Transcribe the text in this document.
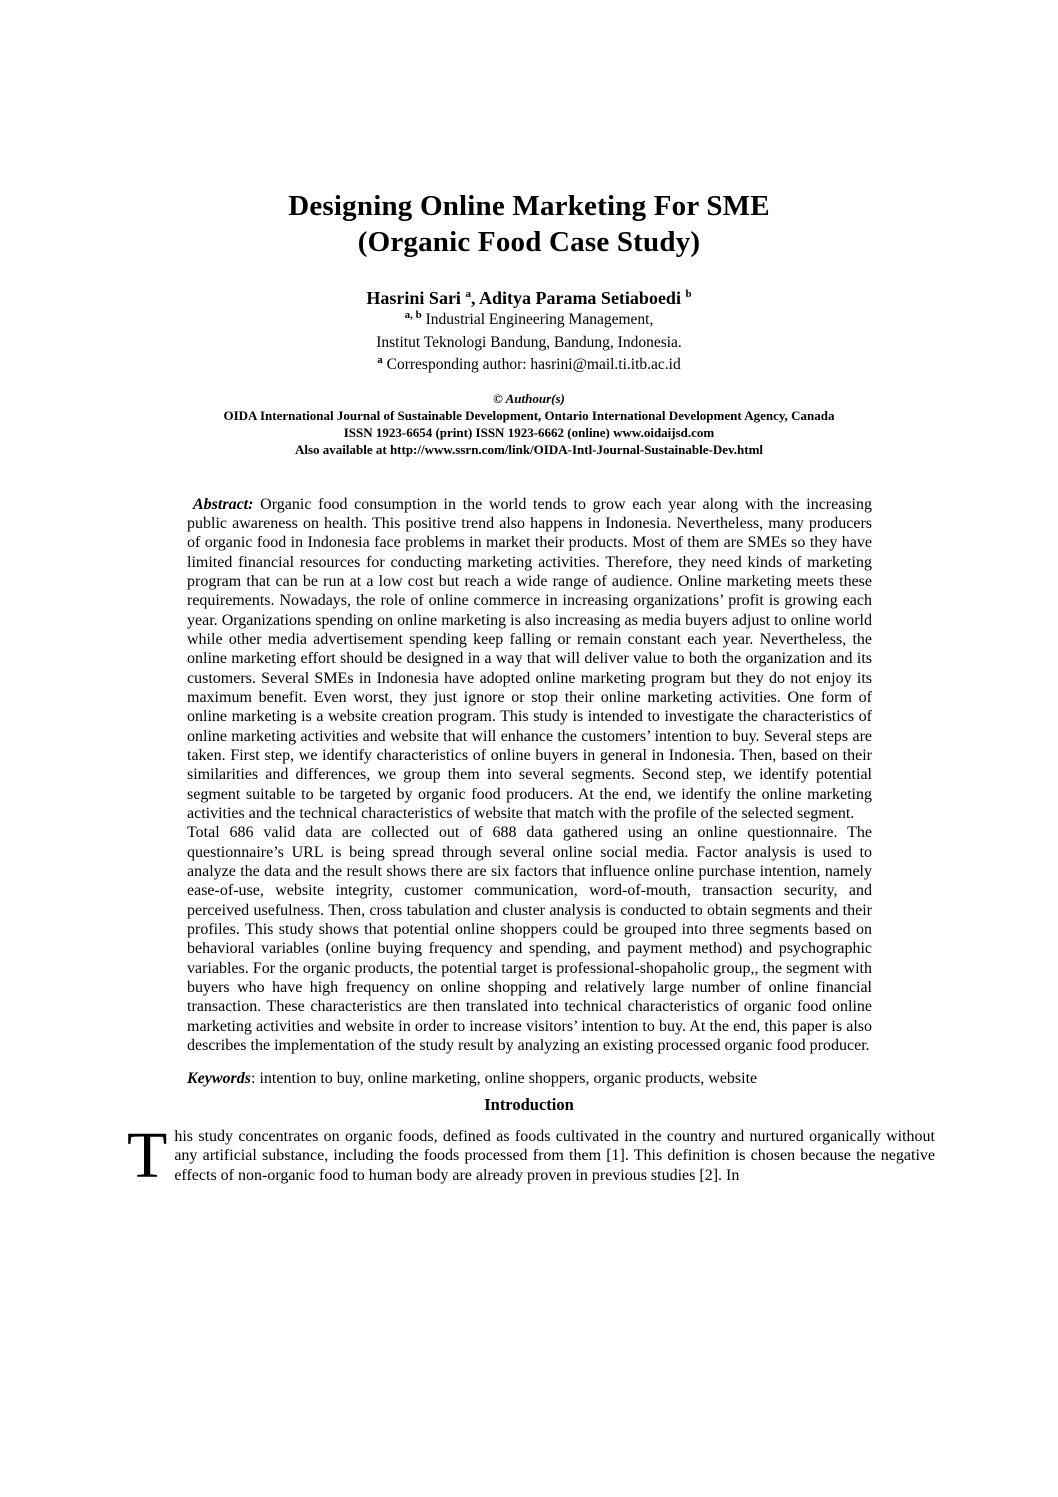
Designing Online Marketing For SME
(Organic Food Case Study)
Hasrini Sari $^a$, Aditya Parama Setiaboedi $^b$
$^{a, b}$ Industrial Engineering Management,
Institut Teknologi Bandung, Bandung, Indonesia.
$^a$ Corresponding author: hasrini@mail.ti.itb.ac.id
© Authour(s)
OIDA International Journal of Sustainable Development, Ontario International Development Agency, Canada
ISSN 1923-6654 (print) ISSN 1923-6662 (online) www.oidaijsd.com
Also available at http://www.ssrn.com/link/OIDA-Intl-Journal-Sustainable-Dev.html

Abstract: Organic food consumption in the world tends to grow each year along with the increasing public awareness on health. This positive trend also happens in Indonesia. Nevertheless, many producers of organic food in Indonesia face problems in market their products. Most of them are SMEs so they have limited financial resources for conducting marketing activities. Therefore, they need kinds of marketing program that can be run at a low cost but reach a wide range of audience. Online marketing meets these requirements. Nowadays, the role of online commerce in increasing organizations’ profit is growing each year. Organizations spending on online marketing is also increasing as media buyers adjust to online world while other media advertisement spending keep falling or remain constant each year. Nevertheless, the online marketing effort should be designed in a way that will deliver value to both the organization and its customers. Several SMEs in Indonesia have adopted online marketing program but they do not enjoy its maximum benefit. Even worst, they just ignore or stop their online marketing activities. One form of online marketing is a website creation program. This study is intended to investigate the characteristics of online marketing activities and website that will enhance the customers’ intention to buy. Several steps are taken. First step, we identify characteristics of online buyers in general in Indonesia. Then, based on their similarities and differences, we group them into several segments. Second step, we identify potential segment suitable to be targeted by organic food producers. At the end, we identify the online marketing activities and the technical characteristics of website that match with the profile of the selected segment.

Total 686 valid data are collected out of 688 data gathered using an online questionnaire. The questionnaire’s URL is being spread through several online social media. Factor analysis is used to analyze the data and the result shows there are six factors that influence online purchase intention, namely ease-of-use, website integrity, customer communication, word-of-mouth, transaction security, and perceived usefulness. Then, cross tabulation and cluster analysis is conducted to obtain segments and their profiles. This study shows that potential online shoppers could be grouped into three segments based on behavioral variables (online buying frequency and spending, and payment method) and psychographic variables. For the organic products, the potential target is professional-shopaholic group,, the segment with buyers who have high frequency on online shopping and relatively large number of online financial transaction. These characteristics are then translated into technical characteristics of organic food online marketing activities and website in order to increase visitors’ intention to buy. At the end, this paper is also describes the implementation of the study result by analyzing an existing processed organic food producer.

Keywords: intention to buy, online marketing, online shoppers, organic products, website
Introduction
This study concentrates on organic foods, defined as foods cultivated in the country and nurtured organically without any artificial substance, including the foods processed from them [1]. This definition is chosen because the negative effects of non-organic food to human body are already proven in previous studies [2]. In
